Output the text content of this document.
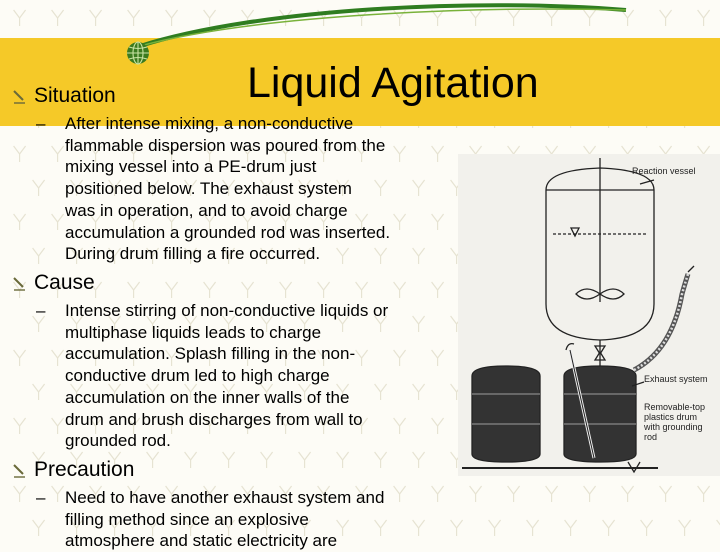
Liquid Agitation
Situation
– After intense mixing, a non-conductive
flammable dispersion was poured from the
mixing vessel into a PE-drum just
positioned below. The exhaust system
was in operation, and to avoid charge
accumulation a grounded rod was inserted.
During drum filling a fire occurred.
Cause
– Intense stirring of non-conductive liquids or
multiphase liquids leads to charge
accumulation. Splash filling in the non-
conductive drum led to high charge
accumulation on the inner walls of the
drum and brush discharges from wall to
grounded rod.
Precaution
– Need to have another exhaust system and
filling method since an explosive
atmosphere and static electricity are
Reaction vessel
Exhaust system
Removable-top
plastics drum
with grounding
rod
